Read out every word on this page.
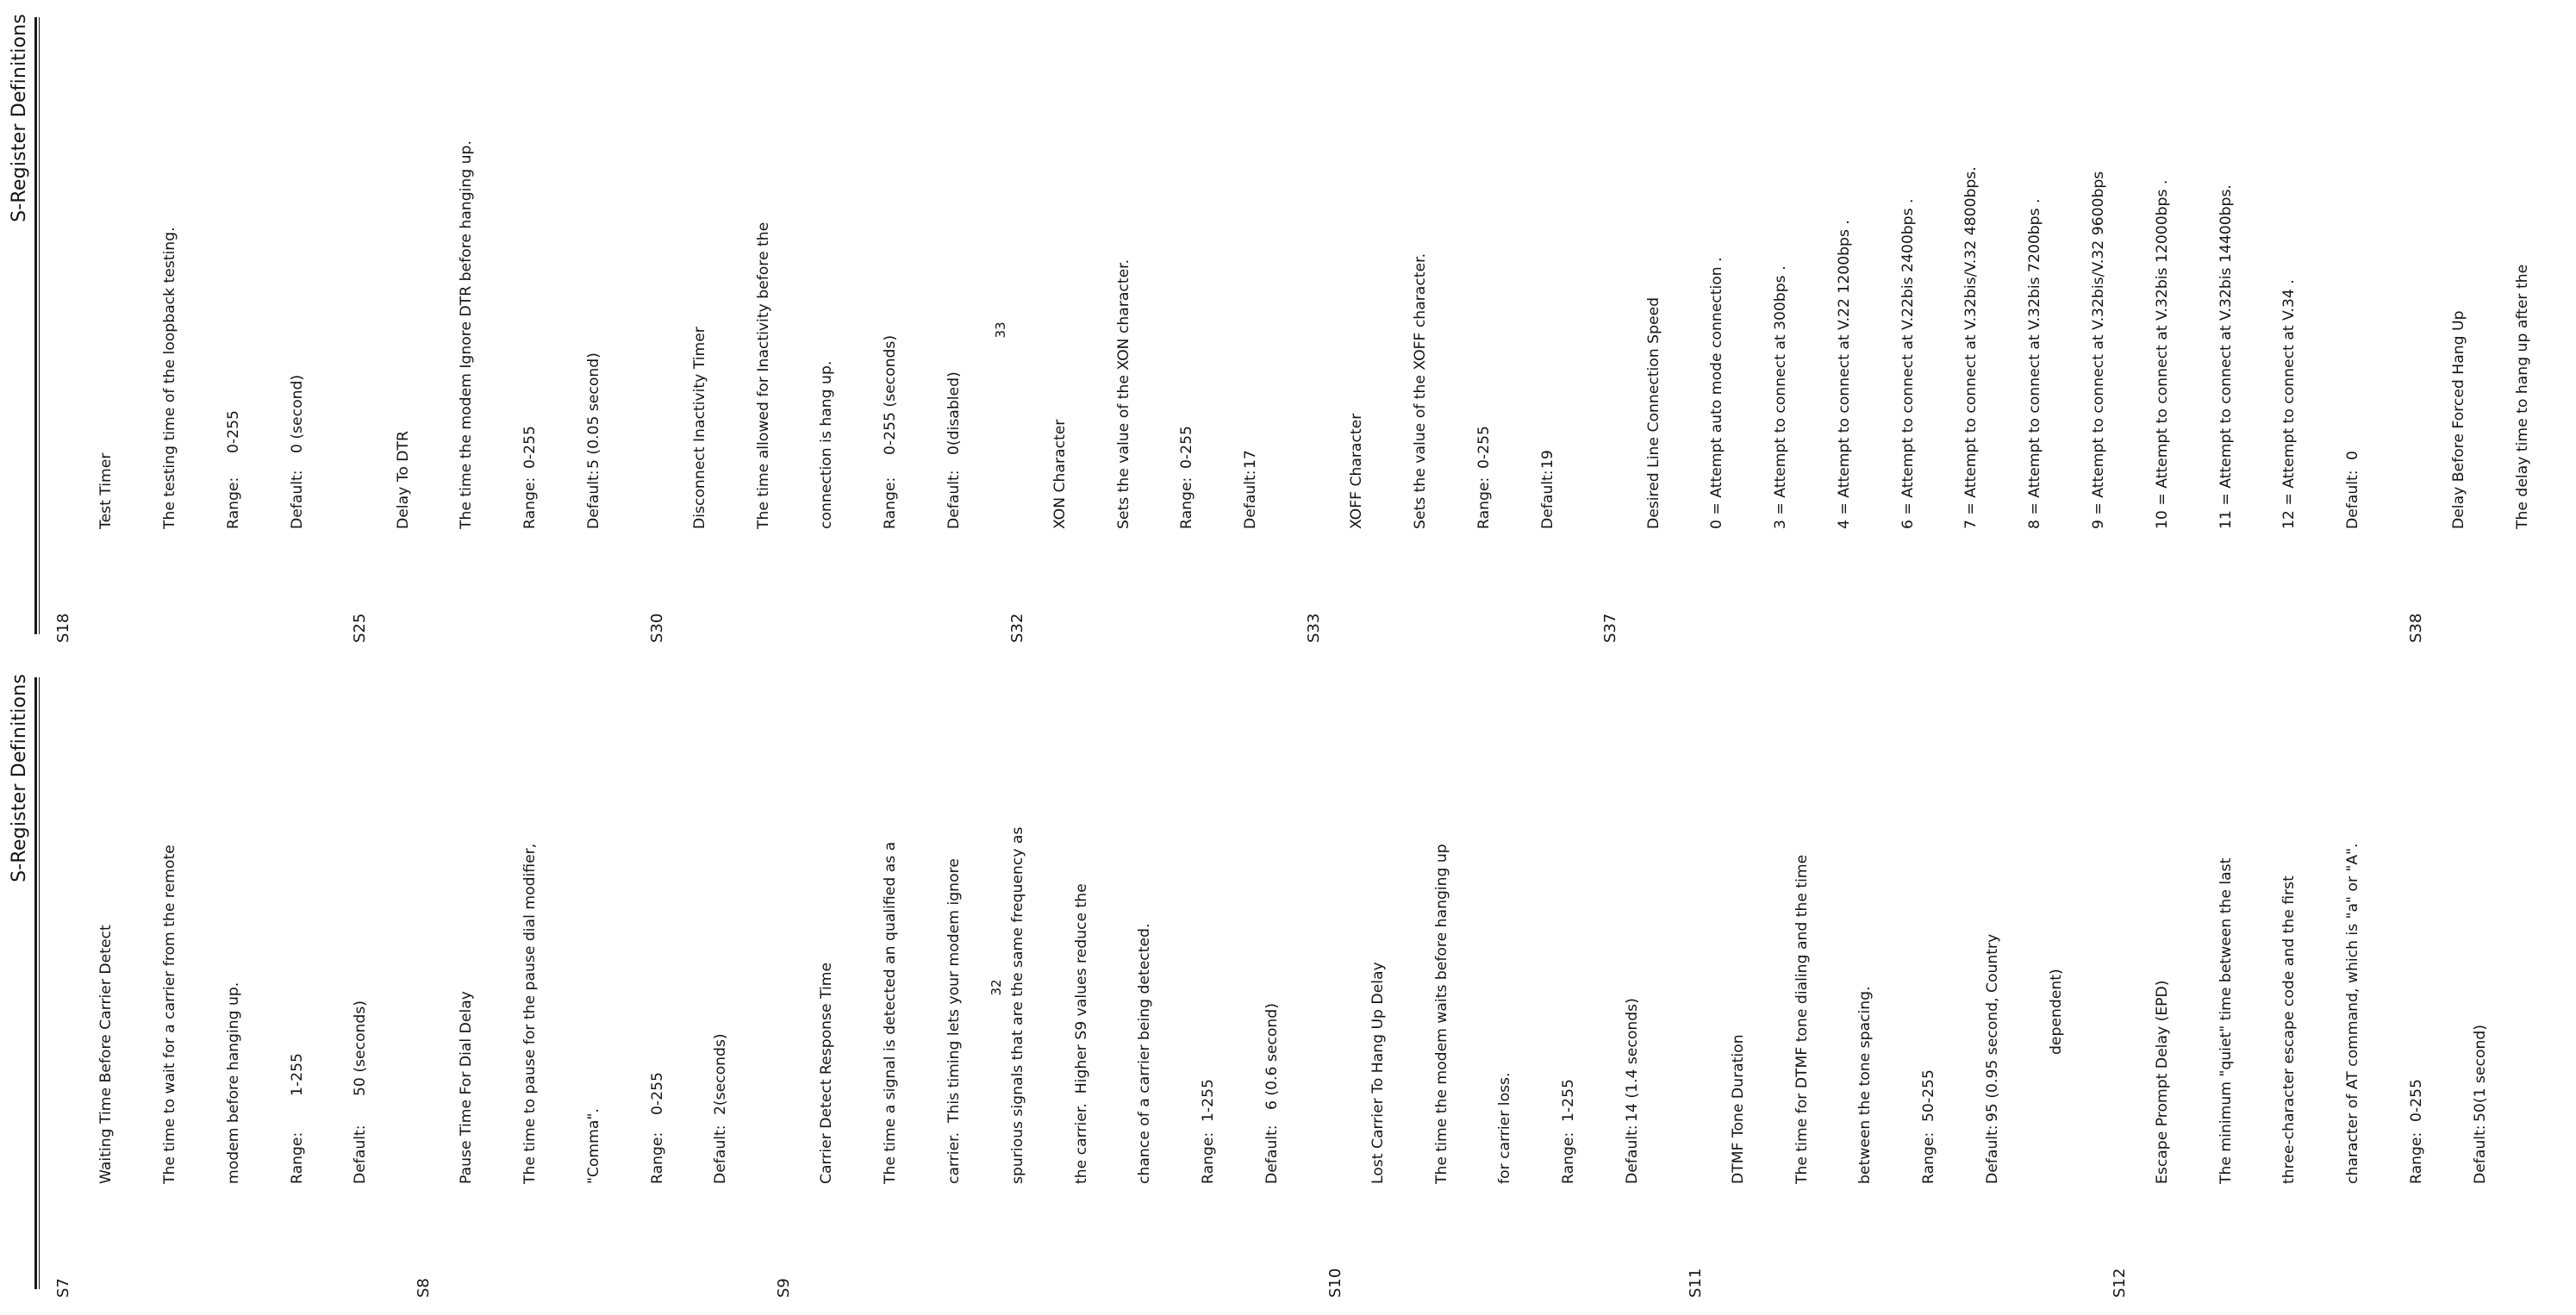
S-Register Definitions
S7

Waiting Time Before Carrier Detect

	The time to wait for a carrier from the remote

	modem before hanging up.

	Range:1-255

Default:50 (seconds)

S8

Pause Time For Dial Delay

	The time to pause for the pause dial modifier,

	"Comma".

	Range:0-255

Default:2(seconds)

S9

Carrier Detect Response Time

	The time a signal is detected an qualified as a

	carrier.  This timing lets your modem ignore

	spurious signals that are the same frequency as

	the carrier.  Higher S9 values reduce the

	chance of a carrier being detected.

	Range:1-255

Default:6 (0.6 second)

S10

Lost Carrier To Hang Up Delay

	The time the modem waits before hanging up

	for carrier loss.

	Range:1-255

Default:14 (1.4 seconds)

S11

DTMF Tone Duration

	The time for DTMF tone dialing and the time

	between the tone spacing.

	Range:50-255

Default:95 (0.95 second, Country

	dependent)

S12

Escape Prompt Delay (EPD)

	The minimum "quiet" time between the last

	three-character escape code and the first

	character of AT command, which is "a" or "A".

	Range:0-255

Default:50(1 second)

32
S-Register Definitions
S18

Test Timer

	The testing time of the loopback testing.

	Range:0-255

Default:0 (second)

S25

Delay To DTR

	The time the modem Ignore DTR before hanging up.

	Range:0-255

Default:5 (0.05 second)

S30

Disconnect Inactivity Timer

	The time allowed for Inactivity before the

	connection is hang up.

	Range:0-255 (seconds)

Default:0(disabled)

S32

XON Character

	Sets the value of the XON character.

	Range:0-255

Default:17

S33

XOFF Character

	Sets the value of the XOFF character.

	Range:0-255

Default:19

S37

Desired Line Connection Speed

	0 = Attempt auto mode connection .

	3 = Attempt to connect at 300bps .

	4 = Attempt to connect at V.22 1200bps .

	6 = Attempt to connect at V.22bis 2400bps .

	7 = Attempt to connect at V.32bis/V.32 4800bps.

	8 = Attempt to connect at V.32bis 7200bps .

	9 = Attempt to connect at V.32bis/V.32 9600bps

	10 = Attempt to connect at V.32bis 12000bps .

	11 = Attempt to connect at V.32bis 14400bps.

	12 = Attempt to connect at V.34 .

	Default:0

S38

Delay Before Forced Hang Up

	The delay time to hang up after the

33
